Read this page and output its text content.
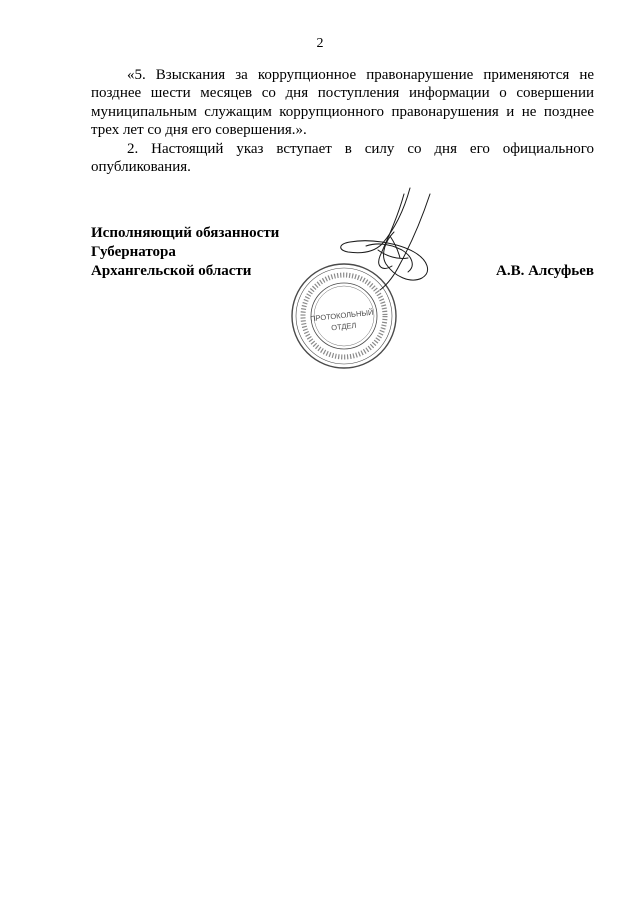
2

«5. Взыскания за коррупционное правонарушение применяются не позднее шести месяцев со дня поступления информации о совершении муниципальным служащим коррупционного правонарушения и не позднее трех лет со дня его совершения.».

2. Настоящий указ вступает в силу со дня его официального опубликования.

Исполняющий обязанности
Губернатора
Архангельской области	А.В. Алсуфьев
ПРОТОКОЛЬНЫЙ
ОТДЕЛ
